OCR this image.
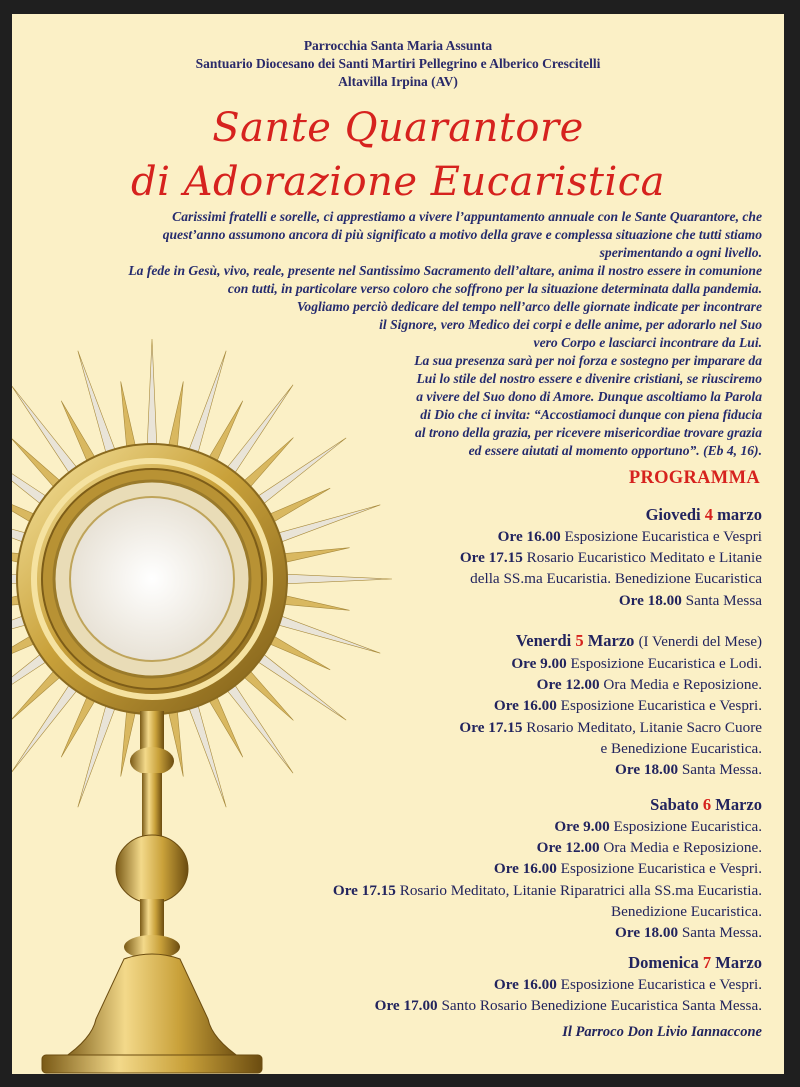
Parrocchia Santa Maria Assunta
Santuario Diocesano dei Santi Martiri Pellegrino e Alberico Crescitelli
Altavilla Irpina (AV)
Sante Quarantore
di Adorazione Eucaristica
Carissimi fratelli e sorelle, ci apprestiamo a vivere l’appuntamento annuale con le Sante Quarantore, che
quest’anno assumono ancora di più significato a motivo della grave e complessa situazione che tutti stiamo
sperimentando a ogni livello.
La fede in Gesù, vivo, reale, presente nel Santissimo Sacramento dell’altare, anima il nostro essere in comunione
con tutti, in particolare verso coloro che soffrono per la situazione determinata dalla pandemia.
Vogliamo perciò dedicare del tempo nell’arco delle giornate indicate per incontrare
il Signore, vero Medico dei corpi e delle anime, per adorarlo nel Suo
vero Corpo e lasciarci incontrare da Lui.
La sua presenza sarà per noi forza e sostegno per imparare da
Lui lo stile del nostro essere e divenire cristiani, se riusciremo
a vivere del Suo dono di Amore. Dunque ascoltiamo la Parola
di Dio che ci invita: “Accostiamoci dunque con piena fiducia
al trono della grazia, per ricevere misericordiae trovare grazia
ed essere aiutati al momento opportuno”. (Eb 4, 16).
PROGRAMMA
Giovedi 4 marzo
Ore 16.00 Esposizione Eucaristica e Vespri
Ore 17.15 Rosario Eucaristico Meditato e Litanie
della SS.ma Eucaristia. Benedizione Eucaristica
Ore 18.00 Santa Messa
Venerdi 5 Marzo (I Venerdi del Mese)
Ore 9.00 Esposizione Eucaristica e Lodi.
Ore 12.00 Ora Media e Reposizione.
Ore 16.00 Esposizione Eucaristica e Vespri.
Ore 17.15 Rosario Meditato, Litanie Sacro Cuore
e Benedizione Eucaristica.
Ore 18.00 Santa Messa.
Sabato 6 Marzo
Ore 9.00 Esposizione Eucaristica.
Ore 12.00 Ora Media e Reposizione.
Ore 16.00 Esposizione Eucaristica e Vespri.
Ore 17.15 Rosario Meditato, Litanie Riparatrici alla SS.ma Eucaristia.
Benedizione Eucaristica.
Ore 18.00 Santa Messa.
Domenica 7 Marzo
Ore 16.00 Esposizione Eucaristica e Vespri.
Ore 17.00 Santo Rosario Benedizione Eucaristica Santa Messa.
Il Parroco Don Livio Iannaccone
